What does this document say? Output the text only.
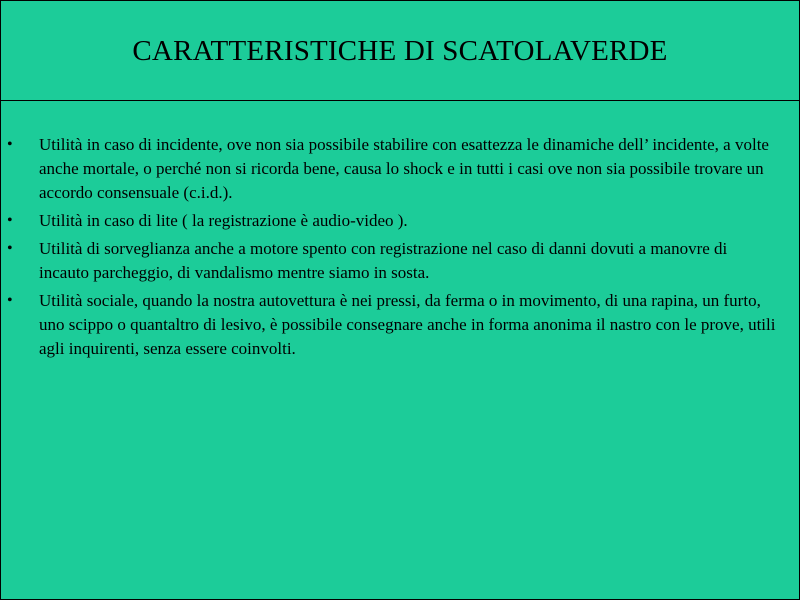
CARATTERISTICHE DI SCATOLAVERDE
• Utilità in caso di incidente, ove non sia possibile stabilire con esattezza le dinamiche dell’ incidente, a volte anche mortale, o perché non si ricorda bene, causa lo shock e in tutti i casi ove non sia possibile trovare un accordo consensuale (c.i.d.).
• Utilità in caso di lite ( la registrazione è audio-video ).
• Utilità di sorveglianza anche a motore spento con registrazione nel caso di danni dovuti a manovre di incauto parcheggio, di vandalismo mentre siamo in sosta.
• Utilità sociale, quando la nostra autovettura è nei pressi, da ferma o in movimento, di una rapina, un furto, uno scippo o quantaltro di lesivo, è possibile consegnare anche in forma anonima il nastro con le prove, utili agli inquirenti, senza essere coinvolti.
